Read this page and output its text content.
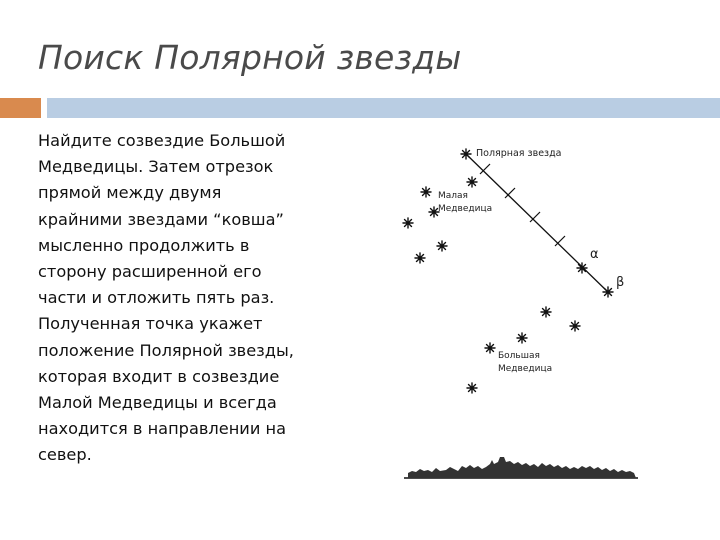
Поиск Полярной звезды

Найдите созвездие Большой
Медведицы. Затем отрезок
прямой между двумя
крайними звездами “ковша”
мысленно продолжить в
сторону расширенной его
части и отложить пять раз.
Полученная точка укажет
положение Полярной звезды,
которая входит в созвездие
Малой Медведицы и всегда
находится в направлении на
север.

Полярная звезда
Малая
Медведица
α
β
Большая
Медведица
